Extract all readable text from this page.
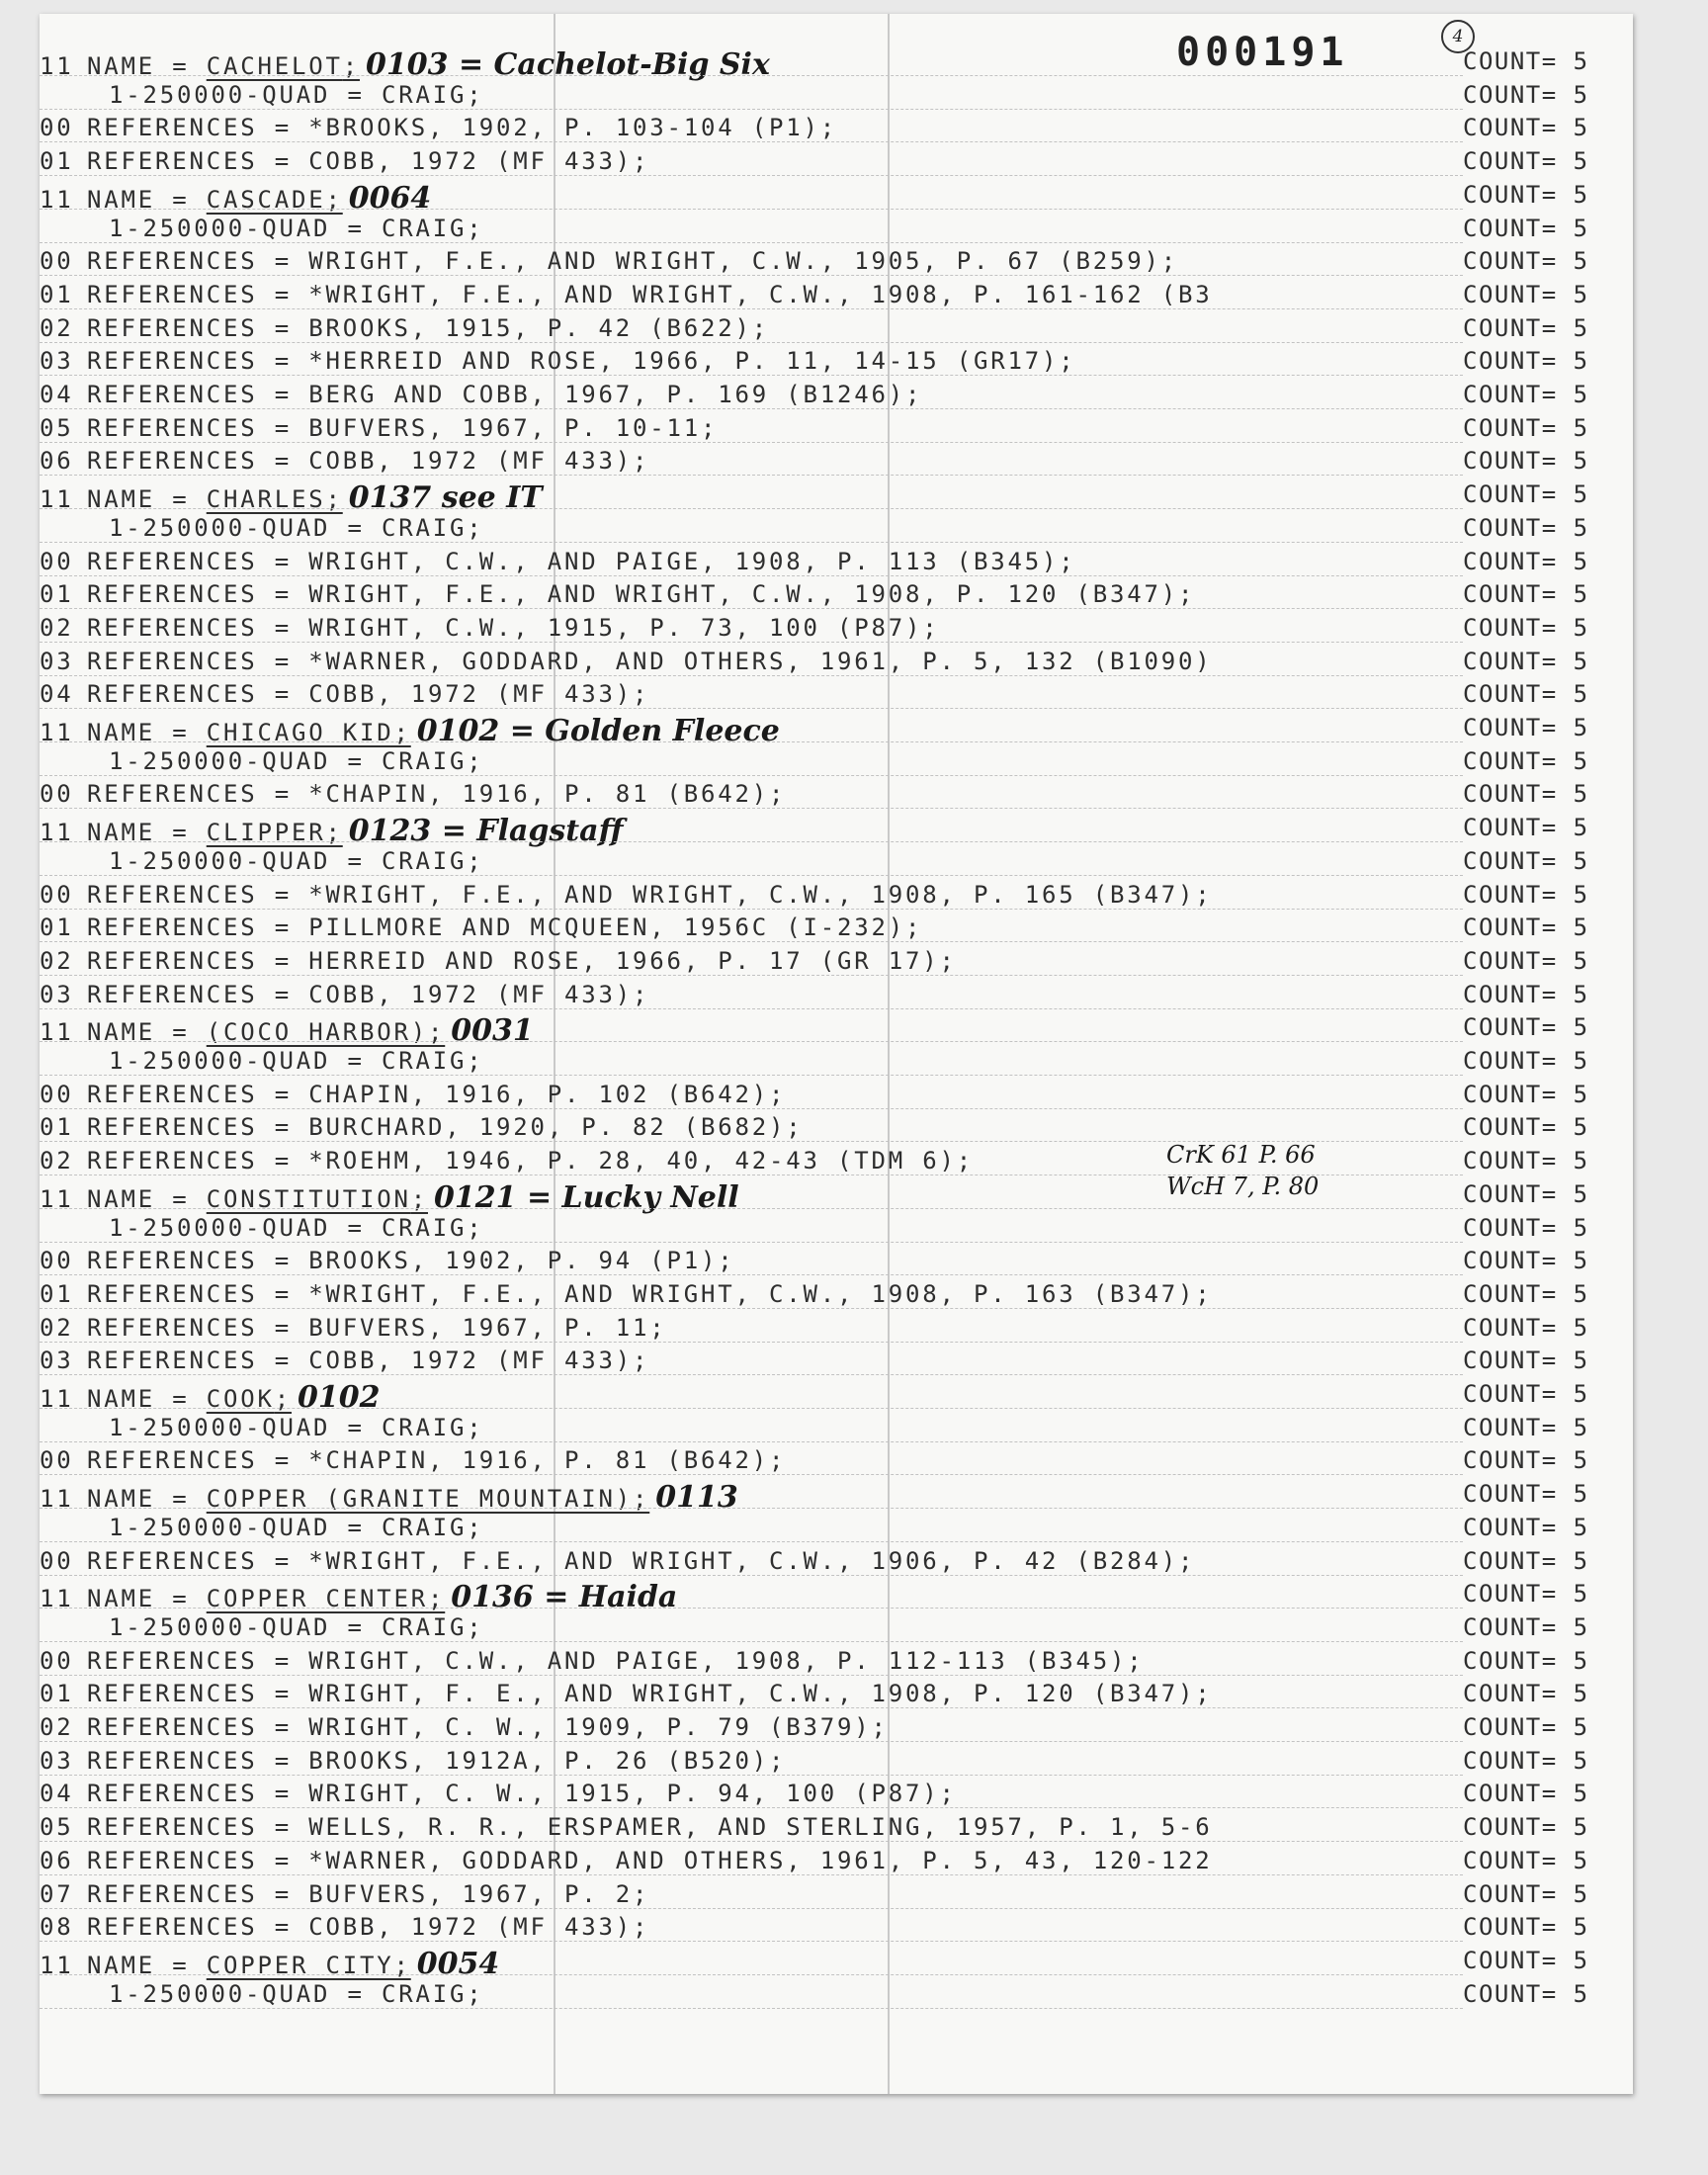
000191	4
11 NAME = CACHELOT; 0103 = Cachelot-Big Six	COUNT= 5
1-250000-QUAD = CRAIG;	COUNT= 5
00 REFERENCES = *BROOKS, 1902, P. 103-104 (P1);	COUNT= 5
01 REFERENCES = COBB, 1972 (MF 433);	COUNT= 5
11 NAME = CASCADE; 0064	COUNT= 5
1-250000-QUAD = CRAIG;	COUNT= 5
00 REFERENCES = WRIGHT, F.E., AND WRIGHT, C.W., 1905, P. 67 (B259);	COUNT= 5
01 REFERENCES = *WRIGHT, F.E., AND WRIGHT, C.W., 1908, P. 161-162 (B3	COUNT= 5
02 REFERENCES = BROOKS, 1915, P. 42 (B622);	COUNT= 5
03 REFERENCES = *HERREID AND ROSE, 1966, P. 11, 14-15 (GR17);	COUNT= 5
04 REFERENCES = BERG AND COBB, 1967, P. 169 (B1246);	COUNT= 5
05 REFERENCES = BUFVERS, 1967, P. 10-11;	COUNT= 5
06 REFERENCES = COBB, 1972 (MF 433);	COUNT= 5
11 NAME = CHARLES; 0137 see IT	COUNT= 5
1-250000-QUAD = CRAIG;	COUNT= 5
00 REFERENCES = WRIGHT, C.W., AND PAIGE, 1908, P. 113 (B345);	COUNT= 5
01 REFERENCES = WRIGHT, F.E., AND WRIGHT, C.W., 1908, P. 120 (B347);	COUNT= 5
02 REFERENCES = WRIGHT, C.W., 1915, P. 73, 100 (P87);	COUNT= 5
03 REFERENCES = *WARNER, GODDARD, AND OTHERS, 1961, P. 5, 132 (B1090)	COUNT= 5
04 REFERENCES = COBB, 1972 (MF 433);	COUNT= 5
11 NAME = CHICAGO KID; 0102 = Golden Fleece	COUNT= 5
1-250000-QUAD = CRAIG;	COUNT= 5
00 REFERENCES = *CHAPIN, 1916, P. 81 (B642);	COUNT= 5
11 NAME = CLIPPER; 0123 = Flagstaff	COUNT= 5
1-250000-QUAD = CRAIG;	COUNT= 5
00 REFERENCES = *WRIGHT, F.E., AND WRIGHT, C.W., 1908, P. 165 (B347);	COUNT= 5
01 REFERENCES = PILLMORE AND MCQUEEN, 1956C (I-232);	COUNT= 5
02 REFERENCES = HERREID AND ROSE, 1966, P. 17 (GR 17);	COUNT= 5
03 REFERENCES = COBB, 1972 (MF 433);	COUNT= 5
11 NAME = (COCO HARBOR); 0031	COUNT= 5
1-250000-QUAD = CRAIG;	COUNT= 5
00 REFERENCES = CHAPIN, 1916, P. 102 (B642);	COUNT= 5
01 REFERENCES = BURCHARD, 1920, P. 82 (B682);	COUNT= 5
02 REFERENCES = *ROEHM, 1946, P. 28, 40, 42-43 (TDM 6);	COUNT= 5
11 NAME = CONSTITUTION; 0121 = Lucky Nell	COUNT= 5
1-250000-QUAD = CRAIG;	COUNT= 5
00 REFERENCES = BROOKS, 1902, P. 94 (P1);	COUNT= 5
01 REFERENCES = *WRIGHT, F.E., AND WRIGHT, C.W., 1908, P. 163 (B347);	COUNT= 5
02 REFERENCES = BUFVERS, 1967, P. 11;	COUNT= 5
03 REFERENCES = COBB, 1972 (MF 433);	COUNT= 5
11 NAME = COOK; 0102	COUNT= 5
1-250000-QUAD = CRAIG;	COUNT= 5
00 REFERENCES = *CHAPIN, 1916, P. 81 (B642);	COUNT= 5
11 NAME = COPPER (GRANITE MOUNTAIN); 0113	COUNT= 5
1-250000-QUAD = CRAIG;	COUNT= 5
00 REFERENCES = *WRIGHT, F.E., AND WRIGHT, C.W., 1906, P. 42 (B284);	COUNT= 5
11 NAME = COPPER CENTER; 0136 = Haida	COUNT= 5
1-250000-QUAD = CRAIG;	COUNT= 5
00 REFERENCES = WRIGHT, C.W., AND PAIGE, 1908, P. 112-113 (B345);	COUNT= 5
01 REFERENCES = WRIGHT, F. E., AND WRIGHT, C.W., 1908, P. 120 (B347);	COUNT= 5
02 REFERENCES = WRIGHT, C. W., 1909, P. 79 (B379);	COUNT= 5
03 REFERENCES = BROOKS, 1912A, P. 26 (B520);	COUNT= 5
04 REFERENCES = WRIGHT, C. W., 1915, P. 94, 100 (P87);	COUNT= 5
05 REFERENCES = WELLS, R. R., ERSPAMER, AND STERLING, 1957, P. 1, 5-6	COUNT= 5
06 REFERENCES = *WARNER, GODDARD, AND OTHERS, 1961, P. 5, 43, 120-122	COUNT= 5
07 REFERENCES = BUFVERS, 1967, P. 2;	COUNT= 5
08 REFERENCES = COBB, 1972 (MF 433);	COUNT= 5
11 NAME = COPPER CITY; 0054	COUNT= 5
1-250000-QUAD = CRAIG;	COUNT= 5
CrK 61 P. 66
WcH 7, P. 80
